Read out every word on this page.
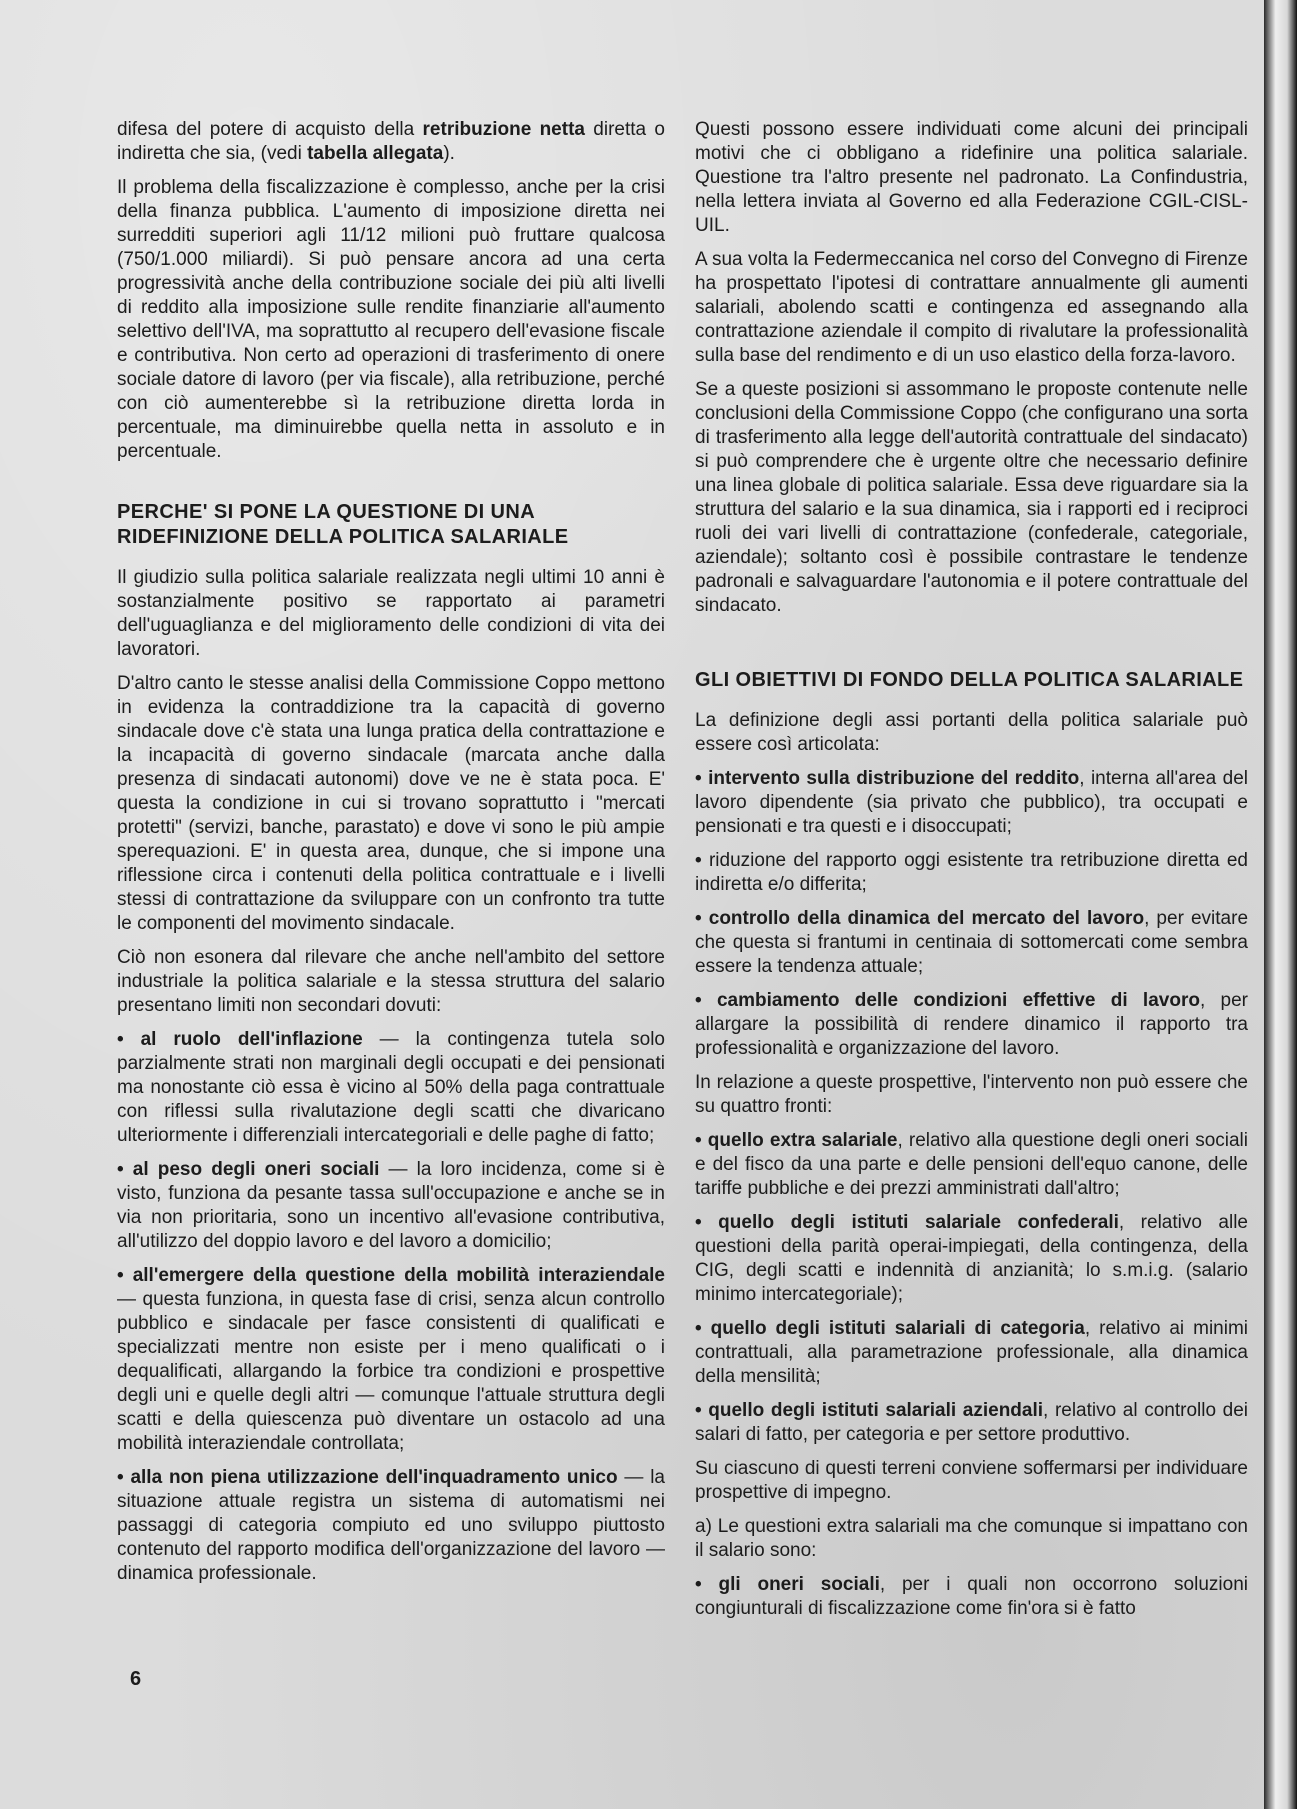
difesa del potere di acquisto della retribuzione netta diretta o indiretta che sia, (vedi tabella allegata).

Il problema della fiscalizzazione è complesso, anche per la crisi della finanza pubblica. L'aumento di imposizione diretta nei surredditi superiori agli 11/12 milioni può fruttare qualcosa (750/1.000 miliardi). Si può pensare ancora ad una certa progressività anche della contribuzione sociale dei più alti livelli di reddito alla imposizione sulle rendite finanziarie all'aumento selettivo dell'IVA, ma soprattutto al recupero dell'evasione fiscale e contributiva. Non certo ad operazioni di trasferimento di onere sociale datore di lavoro (per via fiscale), alla retribuzione, perché con ciò aumenterebbe sì la retribuzione diretta lorda in percentuale, ma diminuirebbe quella netta in assoluto e in percentuale.

PERCHE' SI PONE LA QUESTIONE DI UNA RIDEFINIZIONE DELLA POLITICA SALARIALE

Il giudizio sulla politica salariale realizzata negli ultimi 10 anni è sostanzialmente positivo se rapportato ai parametri dell'uguaglianza e del miglioramento delle condizioni di vita dei lavoratori.

D'altro canto le stesse analisi della Commissione Coppo mettono in evidenza la contraddizione tra la capacità di governo sindacale dove c'è stata una lunga pratica della contrattazione e la incapacità di governo sindacale (marcata anche dalla presenza di sindacati autonomi) dove ve ne è stata poca. E' questa la condizione in cui si trovano soprattutto i "mercati protetti" (servizi, banche, parastato) e dove vi sono le più ampie sperequazioni. E' in questa area, dunque, che si impone una riflessione circa i contenuti della politica contrattuale e i livelli stessi di contrattazione da sviluppare con un confronto tra tutte le componenti del movimento sindacale.

Ciò non esonera dal rilevare che anche nell'ambito del settore industriale la politica salariale e la stessa struttura del salario presentano limiti non secondari dovuti:

• al ruolo dell'inflazione — la contingenza tutela solo parzialmente strati non marginali degli occupati e dei pensionati ma nonostante ciò essa è vicino al 50% della paga contrattuale con riflessi sulla rivalutazione degli scatti che divaricano ulteriormente i differenziali intercategoriali e delle paghe di fatto;

• al peso degli oneri sociali — la loro incidenza, come si è visto, funziona da pesante tassa sull'occupazione e anche se in via non prioritaria, sono un incentivo all'evasione contributiva, all'utilizzo del doppio lavoro e del lavoro a domicilio;

• all'emergere della questione della mobilità interaziendale — questa funziona, in questa fase di crisi, senza alcun controllo pubblico e sindacale per fasce consistenti di qualificati e specializzati mentre non esiste per i meno qualificati o i dequalificati, allargando la forbice tra condizioni e prospettive degli uni e quelle degli altri — comunque l'attuale struttura degli scatti e della quiescenza può diventare un ostacolo ad una mobilità interaziendale controllata;

• alla non piena utilizzazione dell'inquadramento unico — la situazione attuale registra un sistema di automatismi nei passaggi di categoria compiuto ed uno sviluppo piuttosto contenuto del rapporto modifica dell'organizzazione del lavoro — dinamica professionale.

Questi possono essere individuati come alcuni dei principali motivi che ci obbligano a ridefinire una politica salariale. Questione tra l'altro presente nel padronato. La Confindustria, nella lettera inviata al Governo ed alla Federazione CGIL-CISL-UIL.

A sua volta la Federmeccanica nel corso del Convegno di Firenze ha prospettato l'ipotesi di contrattare annualmente gli aumenti salariali, abolendo scatti e contingenza ed assegnando alla contrattazione aziendale il compito di rivalutare la professionalità sulla base del rendimento e di un uso elastico della forza-lavoro.

Se a queste posizioni si assommano le proposte contenute nelle conclusioni della Commissione Coppo (che configurano una sorta di trasferimento alla legge dell'autorità contrattuale del sindacato) si può comprendere che è urgente oltre che necessario definire una linea globale di politica salariale. Essa deve riguardare sia la struttura del salario e la sua dinamica, sia i rapporti ed i reciproci ruoli dei vari livelli di contrattazione (confederale, categoriale, aziendale); soltanto così è possibile contrastare le tendenze padronali e salvaguardare l'autonomia e il potere contrattuale del sindacato.

GLI OBIETTIVI DI FONDO DELLA POLITICA SALARIALE

La definizione degli assi portanti della politica salariale può essere così articolata:

• intervento sulla distribuzione del reddito, interna all'area del lavoro dipendente (sia privato che pubblico), tra occupati e pensionati e tra questi e i disoccupati;

• riduzione del rapporto oggi esistente tra retribuzione diretta ed indiretta e/o differita;

• controllo della dinamica del mercato del lavoro, per evitare che questa si frantumi in centinaia di sottomercati come sembra essere la tendenza attuale;

• cambiamento delle condizioni effettive di lavoro, per allargare la possibilità di rendere dinamico il rapporto tra professionalità e organizzazione del lavoro.

In relazione a queste prospettive, l'intervento non può essere che su quattro fronti:

• quello extra salariale, relativo alla questione degli oneri sociali e del fisco da una parte e delle pensioni dell'equo canone, delle tariffe pubbliche e dei prezzi amministrati dall'altro;

• quello degli istituti salariale confederali, relativo alle questioni della parità operai-impiegati, della contingenza, della CIG, degli scatti e indennità di anzianità; lo s.m.i.g. (salario minimo intercategoriale);

• quello degli istituti salariali di categoria, relativo ai minimi contrattuali, alla parametrazione professionale, alla dinamica della mensilità;

• quello degli istituti salariali aziendali, relativo al controllo dei salari di fatto, per categoria e per settore produttivo.

Su ciascuno di questi terreni conviene soffermarsi per individuare prospettive di impegno.

a) Le questioni extra salariali ma che comunque si impattano con il salario sono:

• gli oneri sociali, per i quali non occorrono soluzioni congiunturali di fiscalizzazione come fin'ora si è fatto

6
